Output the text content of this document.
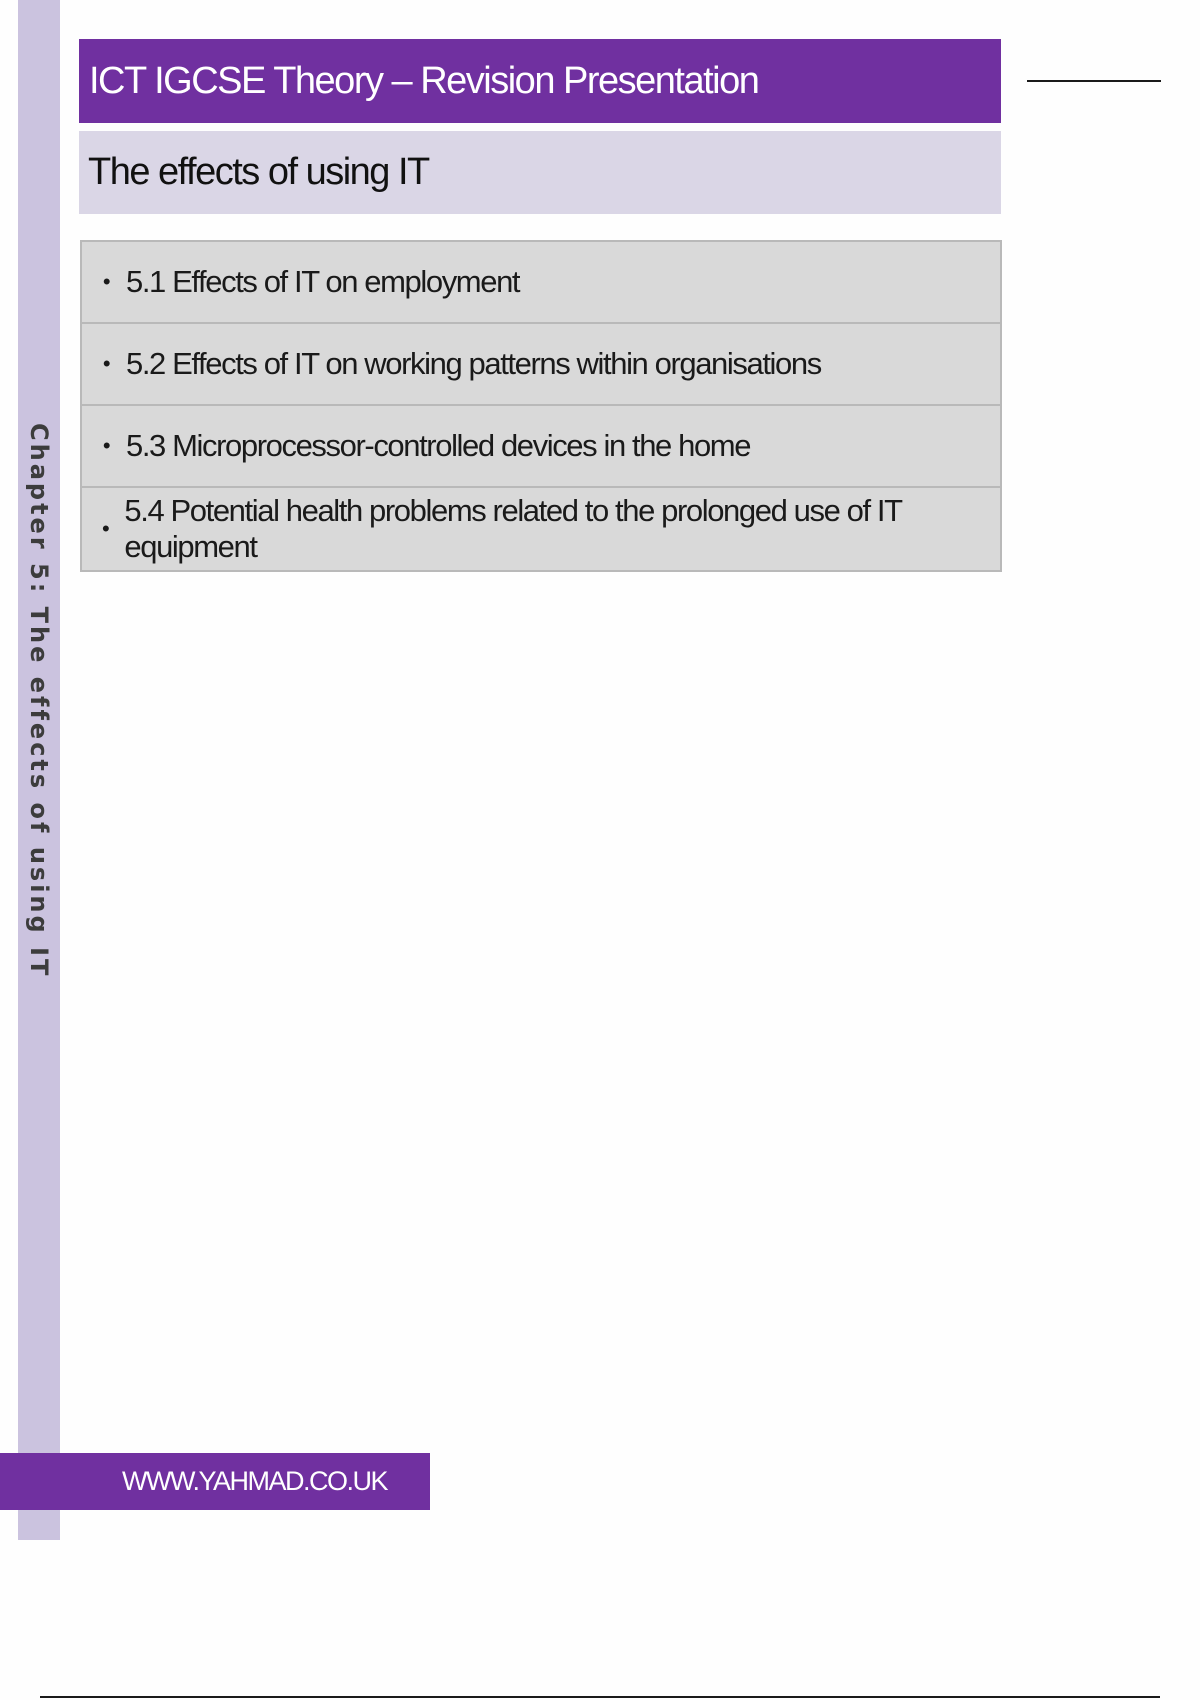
Chapter 5: The effects of using IT
ICT IGCSE Theory – Revision Presentation
The effects of using IT
• 5.1 Effects of IT on employment
• 5.2 Effects of IT on working patterns within organisations
• 5.3 Microprocessor-controlled devices in the home
•
5.4 Potential health problems related to the prolonged use of IT equipment
WWW.YAHMAD.CO.UK
